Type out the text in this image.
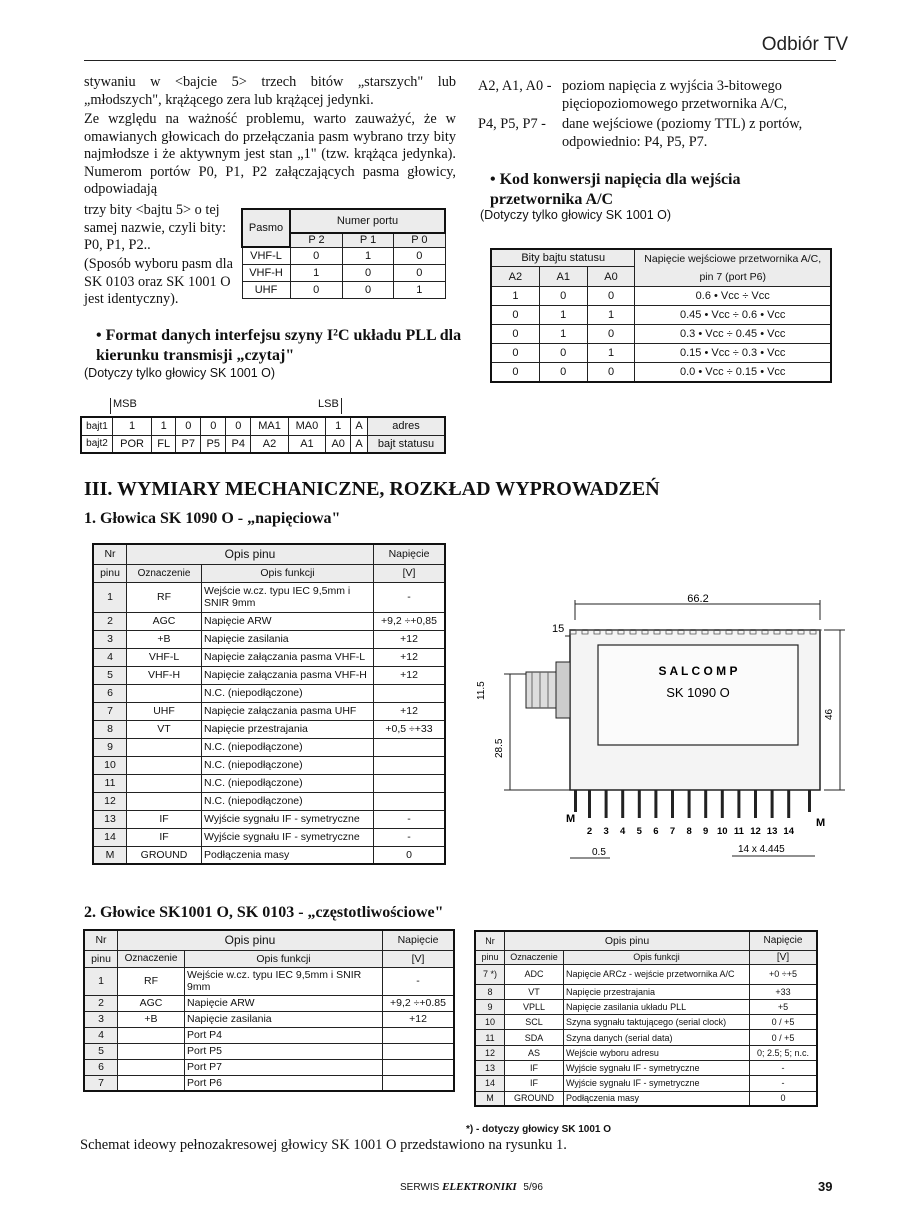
Odbiór TV
stywaniu w <bajcie 5> trzech bitów „starszych" lub „młodszych", krążącego zera lub krążącej jedynki.
Ze względu na ważność problemu, warto zauważyć, że w omawianych głowicach do przełączania pasm wybrano trzy bity najmłodsze i że aktywnym jest stan „1" (tzw. krążąca jedynka). Numerom portów P0, P1, P2 załączających pasma głowicy, odpowiadają
trzy bity <bajtu 5> o tej samej nazwie, czyli bity: P0, P1, P2..
(Sposób wyboru pasm dla SK 0103 oraz SK 1001 O jest identyczny).
Pasmo	Numer portu		
	P 2	P 1	P 0
VHF-L	0	1	0
VHF-H	1	0	0
UHF	0	0	1
A2, A1, A0 - poziom napięcia z wyjścia 3-bitowego pięciopoziomowego przetwornika A/C,
P4, P5, P7 - dane wejściowe (poziomy TTL) z portów, odpowiednio: P4, P5, P7.
• Kod konwersji napięcia dla wejścia przetwornika A/C
(Dotyczy tylko głowicy SK 1001 O)
Bity bajtu statusu			Napięcie wejściowe przetwornika A/C, pin 7 (port P6)
A2	A1	A0	
1	0	0	0.6 • Vcc ÷ Vcc
0	1	1	0.45 • Vcc ÷ 0.6 • Vcc
0	1	0	0.3 • Vcc ÷ 0.45 • Vcc
0	0	1	0.15 • Vcc ÷ 0.3 • Vcc
0	0	0	0.0 • Vcc ÷ 0.15 • Vcc
• Format danych interfejsu szyny I²C układu PLL dla kierunku transmisji „czytaj"
(Dotyczy tylko głowicy SK 1001 O)
MSB	LSB
bajt1	1	1	0	0	0	MA1	MA0	1	A	adres
bajt2	POR	FL	P7	P5	P4	A2	A1	A0	A	bajt statusu
III. WYMIARY MECHANICZNE, ROZKŁAD WYPROWADZEŃ
1. Głowica SK 1090 O - „napięciowa"
Nr	Opis pinu		Napięcie
pinu	Oznaczenie	Opis funkcji	[V]
1	RF	Wejście w.cz. typu IEC 9,5mm i SNIR 9mm	-
2	AGC	Napięcie ARW	+9,2 ÷+0,85
3	+B	Napięcie zasilania	+12
4	VHF-L	Napięcie załączania pasma VHF-L	+12
5	VHF-H	Napięcie załączania pasma VHF-H	+12
6		N.C. (niepodłączone)	
7	UHF	Napięcie załączania pasma UHF	+12
8	VT	Napięcie przestrajania	+0,5 ÷+33
9		N.C. (niepodłączone)	
10		N.C. (niepodłączone)	
11		N.C. (niepodłączone)	
12		N.C. (niepodłączone)	
13	IF	Wyjście sygnału IF - symetryczne	-
14	IF	Wyjście sygnału IF - symetryczne	-
M	GROUND	Podłączenia masy	0
66.2
15
S A L C O M P
SK 1090 O
11.5
28.5
46
M	M
2 3 4 5 6 7 8 9 10 11 12 13 14
0.5	14 x 4.445
2. Głowice SK1001 O, SK 0103 - „częstotliwościowe"
Nr	Opis pinu		Napięcie
pinu	Oznaczenie	Opis funkcji	[V]
1	RF	Wejście w.cz. typu IEC 9,5mm i SNIR 9mm	-
2	AGC	Napięcie ARW	+9,2 ÷+0.85
3	+B	Napięcie zasilania	+12
4		Port P4	
5		Port P5	
6		Port P7	
7		Port P6	
Nr	Opis pinu		Napięcie
pinu	Oznaczenie	Opis funkcji	[V]
7 *)	ADC	Napięcie ARCz - wejście przetwornika A/C	+0 ÷+5
8	VT	Napięcie przestrajania	+33
9	VPLL	Napięcie zasilania układu PLL	+5
10	SCL	Szyna sygnału taktującego (serial clock)	0 / +5
11	SDA	Szyna danych (serial data)	0 / +5
12	AS	Wejście wyboru adresu	0; 2.5; 5; n.c.
13	IF	Wyjście sygnału IF - symetryczne	-
14	IF	Wyjście sygnału IF - symetryczne	-
M	GROUND	Podłączenia masy	0
*) - dotyczy głowicy SK 1001 O
Schemat ideowy pełnozakresowej głowicy SK 1001 O przedstawiono na rysunku 1.
SERWIS ELEKTRONIKI 5/96	39
